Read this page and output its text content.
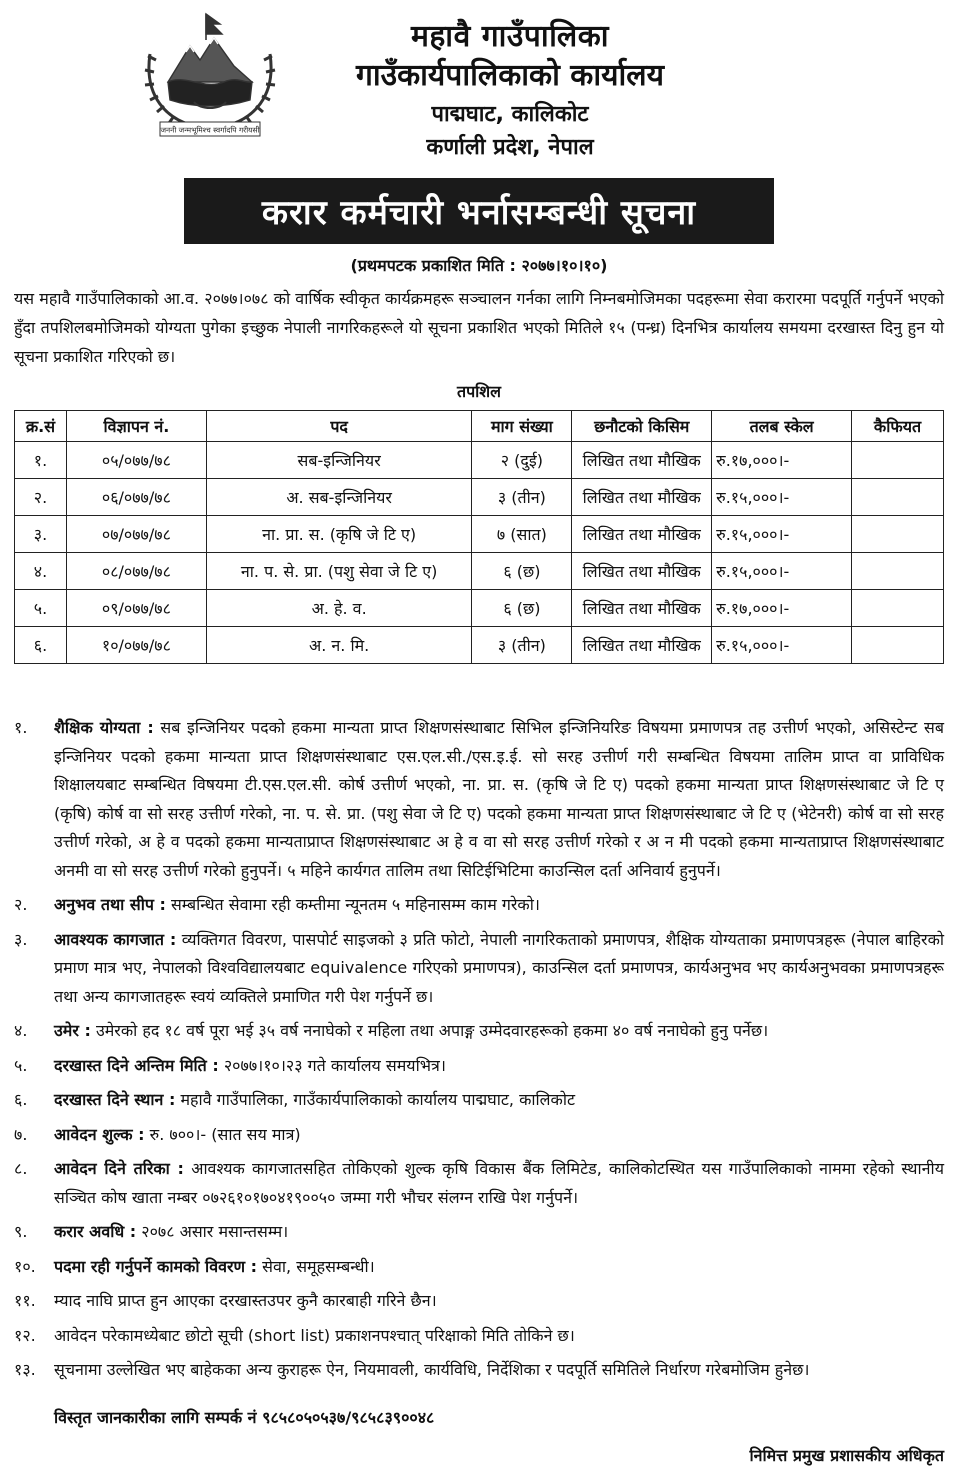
जननी जन्मभूमिश्च स्वर्गादपि गरीयसी
महावै गाउँपालिका
गाउँकार्यपालिकाको कार्यालय
पाद्मघाट, कालिकोट
कर्णाली प्रदेश, नेपाल
करार कर्मचारी भर्नासम्बन्धी सूचना
(प्रथमपटक प्रकाशित मिति : २०७७।१०।१०)
यस महावै गाउँपालिकाको आ.व. २०७७।०७८ को वार्षिक स्वीकृत कार्यक्रमहरू सञ्चालन गर्नका लागि निम्नबमोजिमका पदहरूमा सेवा करारमा पदपूर्ति गर्नुपर्ने भएको हुँदा तपशिलबमोजिमको योग्यता पुगेका इच्छुक नेपाली नागरिकहरूले यो सूचना प्रकाशित भएको मितिले १५ (पन्ध्र) दिनभित्र कार्यालय समयमा दरखास्त दिनु हुन यो सूचना प्रकाशित गरिएको छ।
तपशिल
क्र.सं	विज्ञापन नं.	पद	माग संख्या	छनौटको किसिम	तलब स्केल	कैफियत
१.	०५/०७७/७८	सब-इन्जिनियर	२ (दुई)	लिखित तथा मौखिक	रु.१७,०००।-	
२.	०६/०७७/७८	अ. सब-इन्जिनियर	३ (तीन)	लिखित तथा मौखिक	रु.१५,०००।-	
३.	०७/०७७/७८	ना. प्रा. स. (कृषि जे टि ए)	७ (सात)	लिखित तथा मौखिक	रु.१५,०००।-	
४.	०८/०७७/७८	ना. प. से. प्रा. (पशु सेवा जे टि ए)	६ (छ)	लिखित तथा मौखिक	रु.१५,०००।-	
५.	०९/०७७/७८	अ. हे. व.	६ (छ)	लिखित तथा मौखिक	रु.१७,०००।-	
६.	१०/०७७/७८	अ. न. मि.	३ (तीन)	लिखित तथा मौखिक	रु.१५,०००।-	
१.	शैक्षिक योग्यता : सब इन्जिनियर पदको हकमा मान्यता प्राप्त शिक्षणसंस्थाबाट सिभिल इन्जिनियरिङ विषयमा प्रमाणपत्र तह उत्तीर्ण भएको, असिस्टेन्ट सब इन्जिनियर पदको हकमा मान्यता प्राप्त शिक्षणसंस्थाबाट एस.एल.सी./एस.इ.ई. सो सरह उत्तीर्ण गरी सम्बन्धित विषयमा तालिम प्राप्त वा प्राविधिक शिक्षालयबाट सम्बन्धित विषयमा टी.एस.एल.सी. कोर्ष उत्तीर्ण भएको, ना. प्रा. स. (कृषि जे टि ए) पदको हकमा मान्यता प्राप्त शिक्षणसंस्थाबाट जे टि ए (कृषि) कोर्ष वा सो सरह उत्तीर्ण गरेको, ना. प. से. प्रा. (पशु सेवा जे टि ए) पदको हकमा मान्यता प्राप्त शिक्षणसंस्थाबाट जे टि ए (भेटेनरी) कोर्ष वा सो सरह उत्तीर्ण गरेको, अ हे व पदको हकमा मान्यताप्राप्त शिक्षणसंस्थाबाट अ हे व वा सो सरह उत्तीर्ण गरेको र अ न मी पदको हकमा मान्यताप्राप्त शिक्षणसंस्थाबाट अनमी वा सो सरह उत्तीर्ण गरेको हुनुपर्ने। ५ महिने कार्यगत तालिम तथा सिटिईभिटिमा काउन्सिल दर्ता अनिवार्य हुनुपर्ने।
२.	अनुभव तथा सीप : सम्बन्धित सेवामा रही कम्तीमा न्यूनतम ५ महिनासम्म काम गरेको।
३.	आवश्यक कागजात : व्यक्तिगत विवरण, पासपोर्ट साइजको ३ प्रति फोटो, नेपाली नागरिकताको प्रमाणपत्र, शैक्षिक योग्यताका प्रमाणपत्रहरू (नेपाल बाहिरको प्रमाण मात्र भए, नेपालको विश्वविद्यालयबाट equivalence गरिएको प्रमाणपत्र), काउन्सिल दर्ता प्रमाणपत्र, कार्यअनुभव भए कार्यअनुभवका प्रमाणपत्रहरू तथा अन्य कागजातहरू स्वयं व्यक्तिले प्रमाणित गरी पेश गर्नुपर्ने छ।
४.	उमेर : उमेरको हद १८ वर्ष पूरा भई ३५ वर्ष ननाघेको र महिला तथा अपाङ्ग उम्मेदवारहरूको हकमा ४० वर्ष ननाघेको हुनु पर्नेछ।
५.	दरखास्त दिने अन्तिम मिति : २०७७।१०।२३ गते कार्यालय समयभित्र।
६.	दरखास्त दिने स्थान : महावै गाउँपालिका, गाउँकार्यपालिकाको कार्यालय पाद्मघाट, कालिकोट
७.	आवेदन शुल्क : रु. ७००।- (सात सय मात्र)
८.	आवेदन दिने तरिका : आवश्यक कागजातसहित तोकिएको शुल्क कृषि विकास बैंक लिमिटेड, कालिकोटस्थित यस गाउँपालिकाको नाममा रहेको स्थानीय सञ्चित कोष खाता नम्बर ०७२६१०१७०४१९००५० जम्मा गरी भौचर संलग्न राखि पेश गर्नुपर्ने।
९.	करार अवधि : २०७८ असार मसान्तसम्म।
१०.	पदमा रही गर्नुपर्ने कामको विवरण : सेवा, समूहसम्बन्धी।
११.	म्याद नाघि प्राप्त हुन आएका दरखास्तउपर कुनै कारबाही गरिने छैन।
१२.	आवेदन परेकामध्येबाट छोटो सूची (short list) प्रकाशनपश्चात् परिक्षाको मिति तोकिने छ।
१३.	सूचनामा उल्लेखित भए बाहेकका अन्य कुराहरू ऐन, नियमावली, कार्यविधि, निर्देशिका र पदपूर्ति समितिले निर्धारण गरेबमोजिम हुनेछ।
विस्तृत जानकारीका लागि सम्पर्क नं ९८५८०५०५३७/९८५८३९००४८
निमित्त प्रमुख प्रशासकीय अधिकृत
